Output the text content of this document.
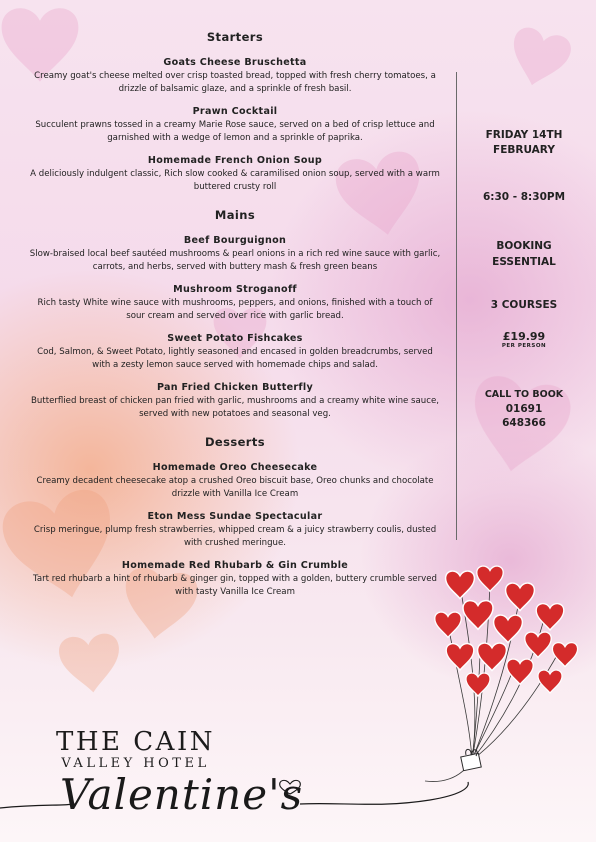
Starters
Goats Cheese Bruschetta
Creamy goat's cheese melted over crisp toasted bread, topped with fresh cherry tomatoes, a drizzle of balsamic glaze, and a sprinkle of fresh basil.
Prawn Cocktail
Succulent prawns tossed in a creamy Marie Rose sauce, served on a bed of crisp lettuce and garnished with a wedge of lemon and a sprinkle of paprika.
Homemade French Onion Soup
A deliciously indulgent classic, Rich slow cooked & caramilised onion soup, served with a warm buttered crusty roll
Mains
Beef Bourguignon
Slow-braised local beef sautéed mushrooms & pearl onions in a rich red wine sauce with garlic, carrots, and herbs, served with buttery mash & fresh green beans
Mushroom Stroganoff
Rich tasty White wine sauce with mushrooms, peppers, and onions, finished with a touch of sour cream and served over rice with garlic bread.
Sweet Potato Fishcakes
Cod, Salmon, & Sweet Potato, lightly seasoned and encased in golden breadcrumbs, served with a zesty lemon sauce served with homemade chips and salad.
Pan Fried Chicken Butterfly
Butterflied breast of chicken pan fried with garlic, mushrooms and a creamy white wine sauce, served with new potatoes and seasonal veg.
Desserts
Homemade Oreo Cheesecake
Creamy decadent cheesecake atop a crushed Oreo biscuit base, Oreo chunks and chocolate drizzle with Vanilla Ice Cream
Eton Mess Sundae Spectacular
Crisp meringue, plump fresh strawberries, whipped cream & a juicy strawberry coulis, dusted with crushed meringue.
Homemade Red Rhubarb & Gin Crumble
Tart red rhubarb a hint of rhubarb & ginger gin, topped with a golden, buttery crumble served with tasty Vanilla Ice Cream
FRIDAY 14TH
FEBRUARY
6:30 - 8:30PM
BOOKING
ESSENTIAL
3 COURSES
£19.99
PER PERSON
CALL TO BOOK
01691
648366
THE CAIN
VALLEY HOTEL
Valentine's
